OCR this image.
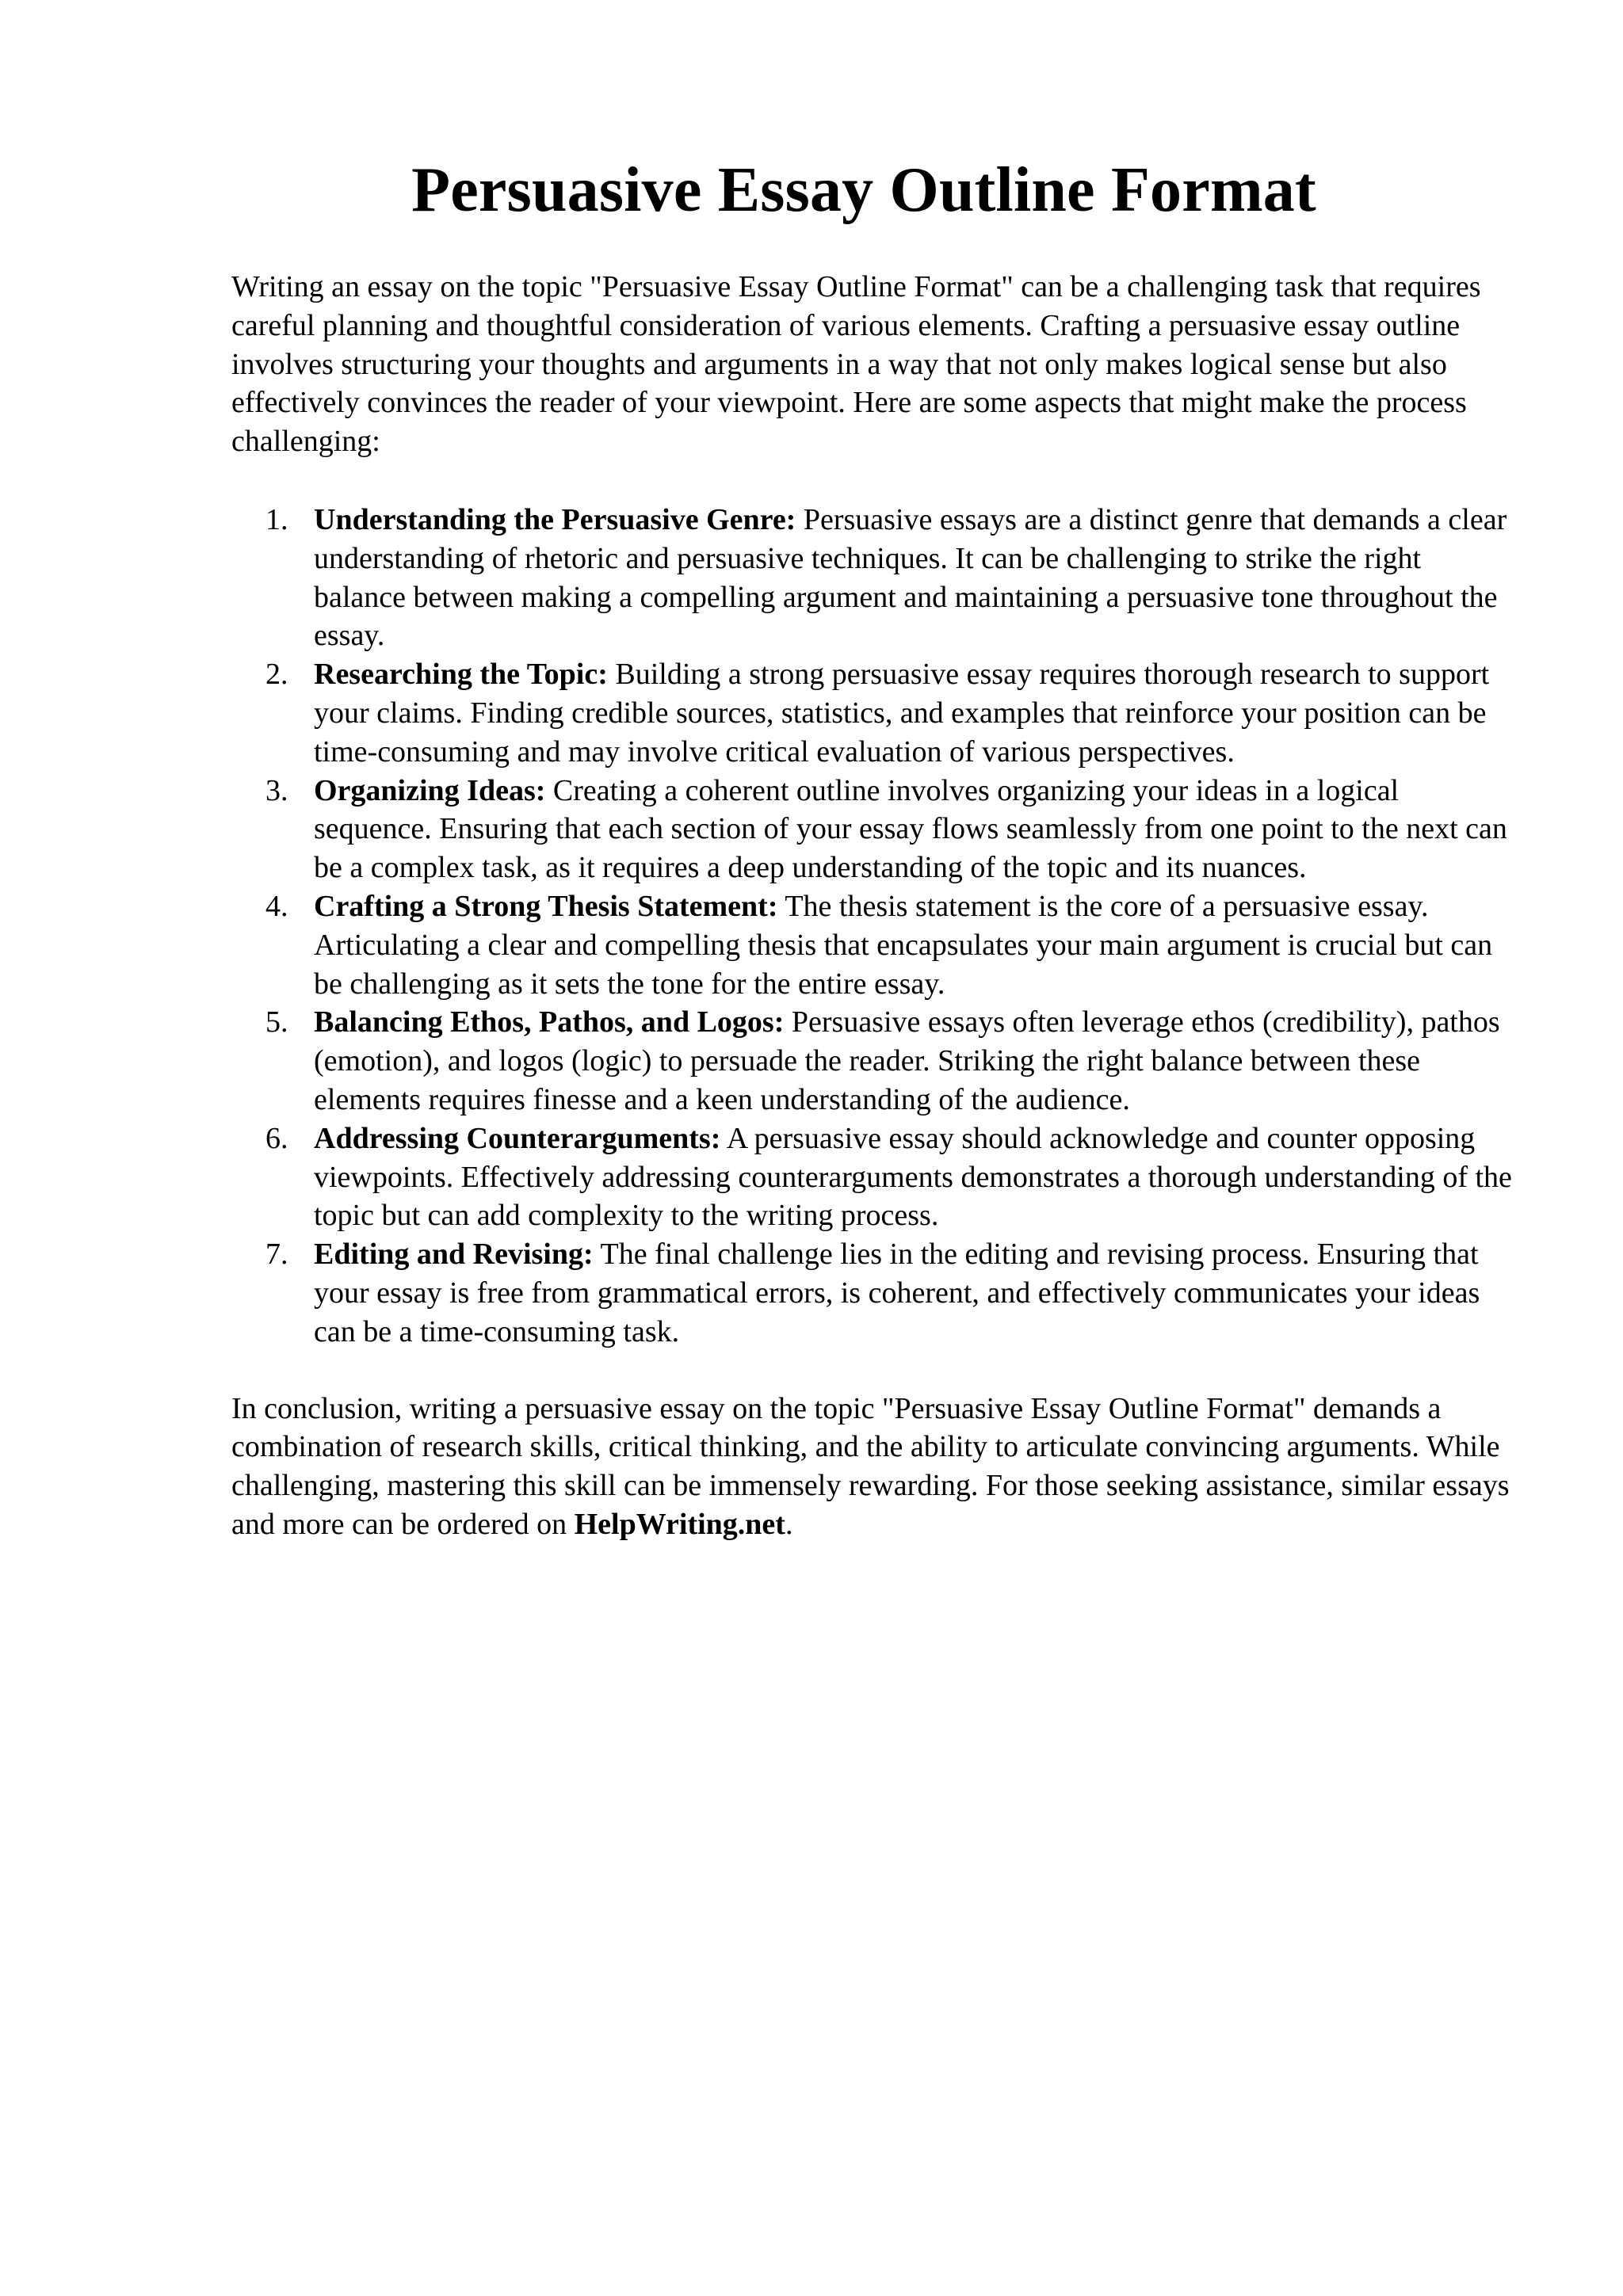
Persuasive Essay Outline Format

Writing an essay on the topic "Persuasive Essay Outline Format" can be a challenging task that requires careful planning and thoughtful consideration of various elements. Crafting a persuasive essay outline involves structuring your thoughts and arguments in a way that not only makes logical sense but also effectively convinces the reader of your viewpoint. Here are some aspects that might make the process challenging:

1. Understanding the Persuasive Genre: Persuasive essays are a distinct genre that demands a clear understanding of rhetoric and persuasive techniques. It can be challenging to strike the right balance between making a compelling argument and maintaining a persuasive tone throughout the essay.
2. Researching the Topic: Building a strong persuasive essay requires thorough research to support your claims. Finding credible sources, statistics, and examples that reinforce your position can be time-consuming and may involve critical evaluation of various perspectives.
3. Organizing Ideas: Creating a coherent outline involves organizing your ideas in a logical sequence. Ensuring that each section of your essay flows seamlessly from one point to the next can be a complex task, as it requires a deep understanding of the topic and its nuances.
4. Crafting a Strong Thesis Statement: The thesis statement is the core of a persuasive essay. Articulating a clear and compelling thesis that encapsulates your main argument is crucial but can be challenging as it sets the tone for the entire essay.
5. Balancing Ethos, Pathos, and Logos: Persuasive essays often leverage ethos (credibility), pathos (emotion), and logos (logic) to persuade the reader. Striking the right balance between these elements requires finesse and a keen understanding of the audience.
6. Addressing Counterarguments: A persuasive essay should acknowledge and counter opposing viewpoints. Effectively addressing counterarguments demonstrates a thorough understanding of the topic but can add complexity to the writing process.
7. Editing and Revising: The final challenge lies in the editing and revising process. Ensuring that your essay is free from grammatical errors, is coherent, and effectively communicates your ideas can be a time-consuming task.

In conclusion, writing a persuasive essay on the topic "Persuasive Essay Outline Format" demands a combination of research skills, critical thinking, and the ability to articulate convincing arguments. While challenging, mastering this skill can be immensely rewarding. For those seeking assistance, similar essays and more can be ordered on HelpWriting.net.
